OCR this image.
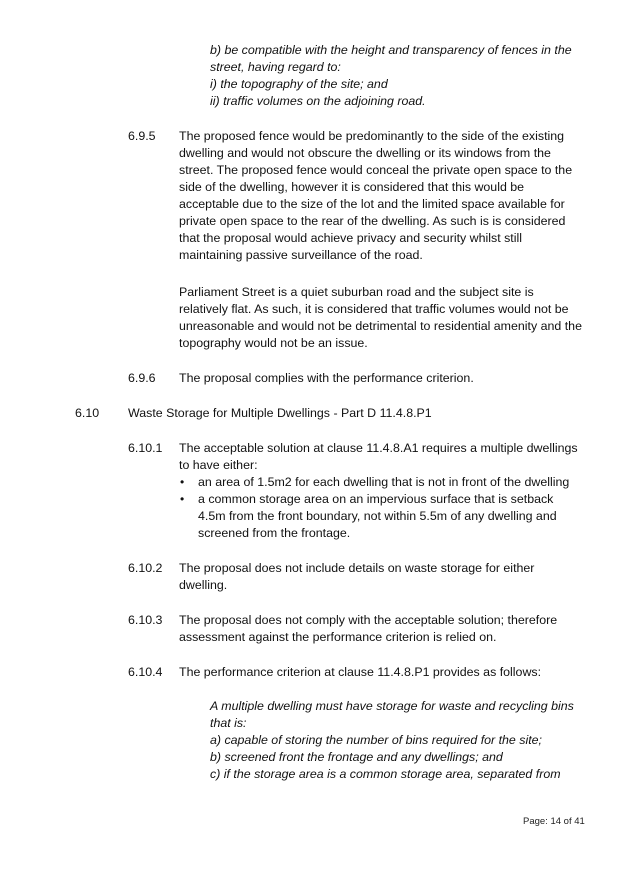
b) be compatible with the height and transparency of fences in the
street, having regard to:
i) the topography of the site; and
ii) traffic volumes on the adjoining road.
6.9.5 The proposed fence would be predominantly to the side of the existing
dwelling and would not obscure the dwelling or its windows from the
street. The proposed fence would conceal the private open space to the
side of the dwelling, however it is considered that this would be
acceptable due to the size of the lot and the limited space available for
private open space to the rear of the dwelling. As such is is considered
that the proposal would achieve privacy and security whilst still
maintaining passive surveillance of the road.
Parliament Street is a quiet suburban road and the subject site is
relatively flat. As such, it is considered that traffic volumes would not be
unreasonable and would not be detrimental to residential amenity and the
topography would not be an issue.
6.9.6 The proposal complies with the performance criterion.
6.10 Waste Storage for Multiple Dwellings - Part D 11.4.8.P1
6.10.1 The acceptable solution at clause 11.4.8.A1 requires a multiple dwellings
to have either:
• an area of 1.5m2 for each dwelling that is not in front of the dwelling
• a common storage area on an impervious surface that is setback
4.5m from the front boundary, not within 5.5m of any dwelling and
screened from the frontage.
6.10.2 The proposal does not include details on waste storage for either
dwelling.
6.10.3 The proposal does not comply with the acceptable solution; therefore
assessment against the performance criterion is relied on.
6.10.4 The performance criterion at clause 11.4.8.P1 provides as follows:
A multiple dwelling must have storage for waste and recycling bins
that is:
a) capable of storing the number of bins required for the site;
b) screened front the frontage and any dwellings; and
c) if the storage area is a common storage area, separated from
Page: 14 of 41
